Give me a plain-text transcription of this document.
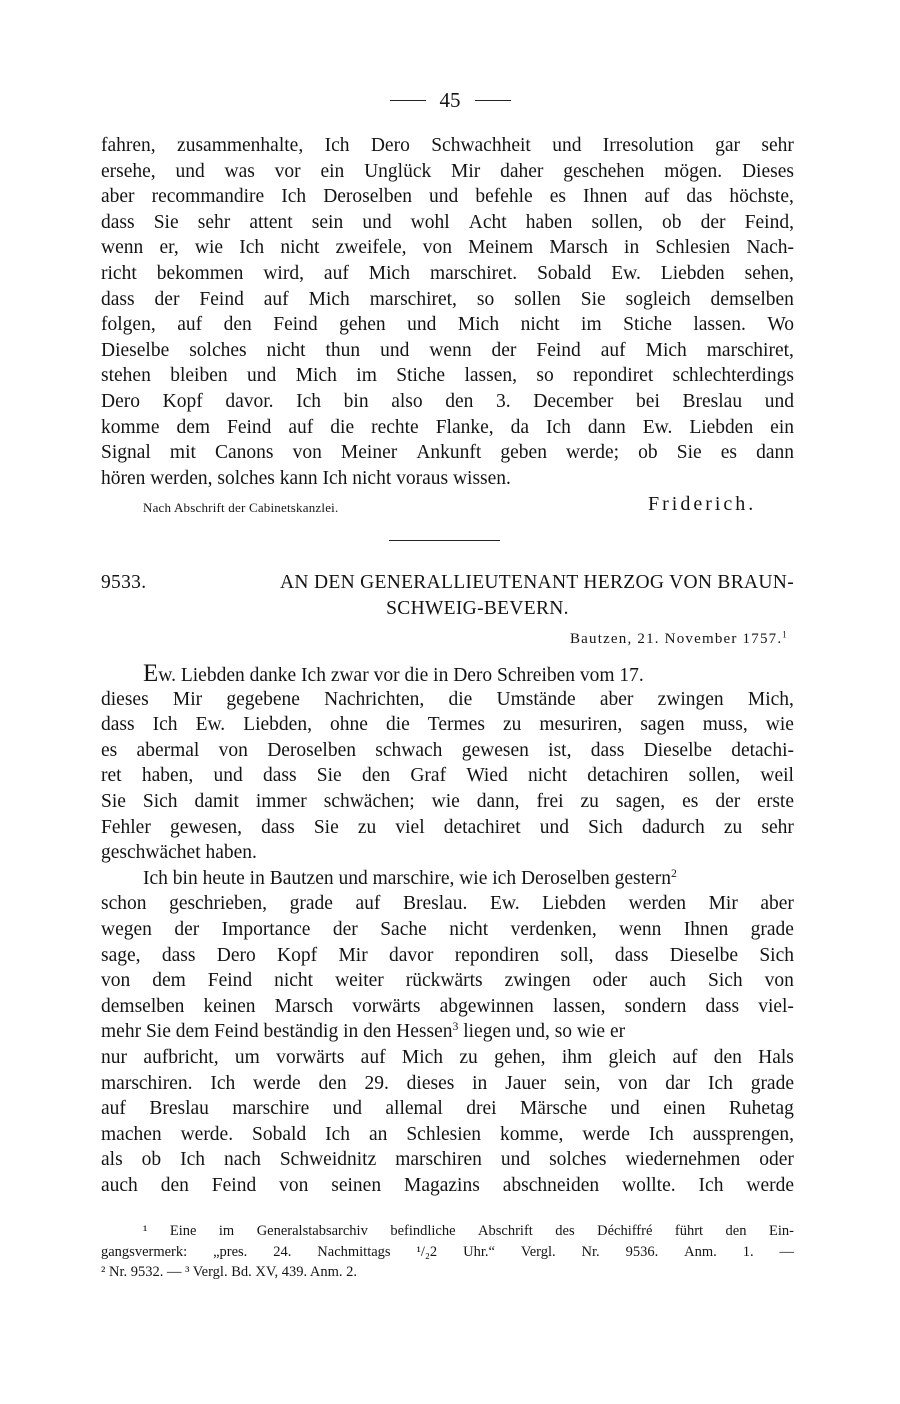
45
fahren, zusammenhalte, Ich Dero Schwachheit und Irresolution gar sehr
ersehe, und was vor ein Unglück Mir daher geschehen mögen. Dieses
aber recommandire Ich Deroselben und befehle es Ihnen auf das höchste,
dass Sie sehr attent sein und wohl Acht haben sollen, ob der Feind,
wenn er, wie Ich nicht zweifele, von Meinem Marsch in Schlesien Nach-
richt bekommen wird, auf Mich marschiret. Sobald Ew. Liebden sehen,
dass der Feind auf Mich marschiret, so sollen Sie sogleich demselben
folgen, auf den Feind gehen und Mich nicht im Stiche lassen. Wo
Dieselbe solches nicht thun und wenn der Feind auf Mich marschiret,
stehen bleiben und Mich im Stiche lassen, so repondiret schlechterdings
Dero Kopf davor. Ich bin also den 3. December bei Breslau und
komme dem Feind auf die rechte Flanke, da Ich dann Ew. Liebden ein
Signal mit Canons von Meiner Ankunft geben werde; ob Sie es dann
hören werden, solches kann Ich nicht voraus wissen.
Nach Abschrift der Cabinetskanzlei.	Friderich.
9533.	AN DEN GENERALLIEUTENANT HERZOG VON BRAUN-
SCHWEIG-BEVERN.
Bautzen, 21. November 1757.$^1$
Ew. Liebden danke Ich zwar vor die in Dero Schreiben vom 17.
dieses Mir gegebene Nachrichten, die Umstände aber zwingen Mich,
dass Ich Ew. Liebden, ohne die Termes zu mesuriren, sagen muss, wie
es abermal von Deroselben schwach gewesen ist, dass Dieselbe detachi-
ret haben, und dass Sie den Graf Wied nicht detachiren sollen, weil
Sie Sich damit immer schwächen; wie dann, frei zu sagen, es der erste
Fehler gewesen, dass Sie zu viel detachiret und Sich dadurch zu sehr
geschwächet haben.
Ich bin heute in Bautzen und marschire, wie ich Deroselben gestern$^2$
schon geschrieben, grade auf Breslau. Ew. Liebden werden Mir aber
wegen der Importance der Sache nicht verdenken, wenn Ihnen grade
sage, dass Dero Kopf Mir davor repondiren soll, dass Dieselbe Sich
von dem Feind nicht weiter rückwärts zwingen oder auch Sich von
demselben keinen Marsch vorwärts abgewinnen lassen, sondern dass viel-
mehr Sie dem Feind beständig in den Hessen$^3$ liegen und, so wie er
nur aufbricht, um vorwärts auf Mich zu gehen, ihm gleich auf den Hals
marschiren. Ich werde den 29. dieses in Jauer sein, von dar Ich grade
auf Breslau marschire und allemal drei Märsche und einen Ruhetag
machen werde. Sobald Ich an Schlesien komme, werde Ich aussprengen,
als ob Ich nach Schweidnitz marschiren und solches wiedernehmen oder
auch den Feind von seinen Magazins abschneiden wollte. Ich werde
¹ Eine im Generalstabsarchiv befindliche Abschrift des Déchiffré führt den Ein-
gangsvermerk: „pres. 24. Nachmittags ¹/₂2 Uhr.“ Vergl. Nr. 9536. Anm. 1. —
² Nr. 9532. — ³ Vergl. Bd. XV, 439. Anm. 2.
